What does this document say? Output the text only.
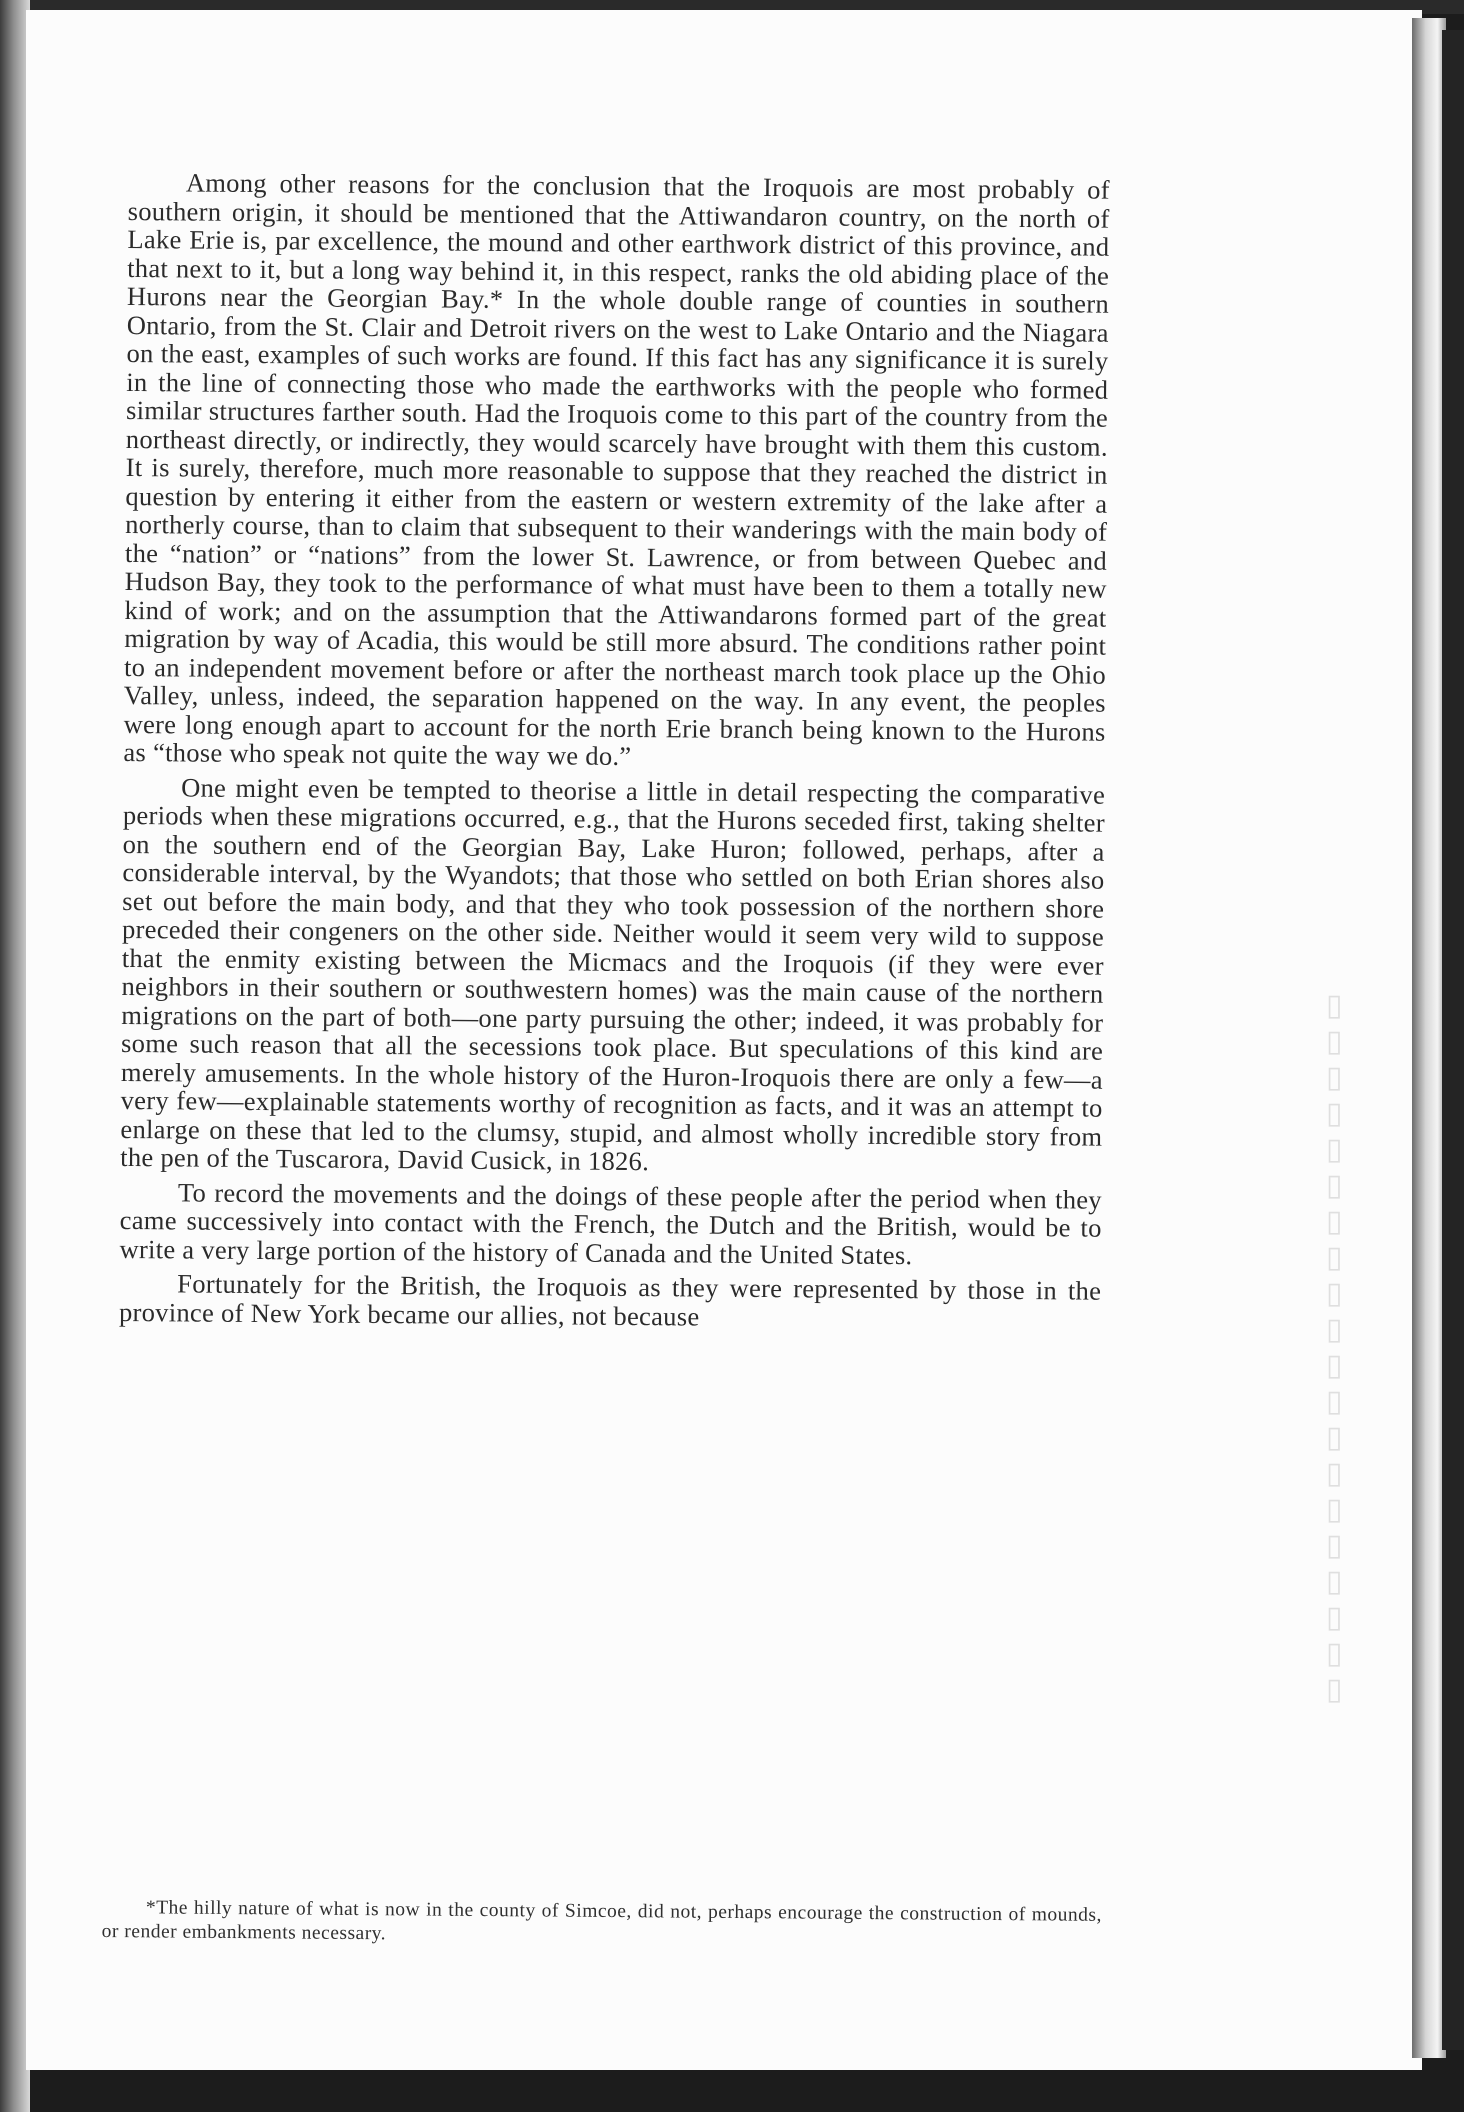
▯
▯
▯
▯
▯
▯
▯
▯
▯
▯
▯
▯
▯
▯
▯
▯
▯
▯
▯
▯

Among other reasons for the conclusion that the Iroquois are most probably of southern origin, it should be mentioned that the Attiwandaron country, on the north of Lake Erie is, par excellence, the mound and other earthwork district of this province, and that next to it, but a long way behind it, in this respect, ranks the old abiding place of the Hurons near the Georgian Bay.* In the whole double range of counties in southern Ontario, from the St. Clair and Detroit rivers on the west to Lake Ontario and the Niagara on the east, examples of such works are found. If this fact has any significance it is surely in the line of connecting those who made the earthworks with the people who formed similar structures farther south. Had the Iroquois come to this part of the country from the northeast directly, or indirectly, they would scarcely have brought with them this custom. It is surely, therefore, much more reasonable to suppose that they reached the district in question by entering it either from the eastern or western extremity of the lake after a northerly course, than to claim that subsequent to their wanderings with the main body of the “nation” or “nations” from the lower St. Lawrence, or from between Quebec and Hudson Bay, they took to the performance of what must have been to them a totally new kind of work; and on the assumption that the Attiwandarons formed part of the great migration by way of Acadia, this would be still more absurd. The conditions rather point to an independent movement before or after the northeast march took place up the Ohio Valley, unless, indeed, the separation happened on the way. In any event, the peoples were long enough apart to account for the north Erie branch being known to the Hurons as “those who speak not quite the way we do.”

One might even be tempted to theorise a little in detail respecting the comparative periods when these migrations occurred, e.g., that the Hurons seceded first, taking shelter on the southern end of the Georgian Bay, Lake Huron; followed, perhaps, after a considerable interval, by the Wyandots; that those who settled on both Erian shores also set out before the main body, and that they who took possession of the northern shore preceded their congeners on the other side. Neither would it seem very wild to suppose that the enmity existing between the Micmacs and the Iroquois (if they were ever neighbors in their southern or southwestern homes) was the main cause of the northern migrations on the part of both—one party pursuing the other; indeed, it was probably for some such reason that all the secessions took place. But speculations of this kind are merely amusements. In the whole history of the Huron-Iroquois there are only a few—a very few—explainable statements worthy of recognition as facts, and it was an attempt to enlarge on these that led to the clumsy, stupid, and almost wholly incredible story from the pen of the Tuscarora, David Cusick, in 1826.

To record the movements and the doings of these people after the period when they came successively into contact with the French, the Dutch and the British, would be to write a very large portion of the history of Canada and the United States.

Fortunately for the British, the Iroquois as they were represented by those in the province of New York became our allies, not because

*The hilly nature of what is now in the county of Simcoe, did not, perhaps encourage the construction of mounds, or render embankments necessary.
